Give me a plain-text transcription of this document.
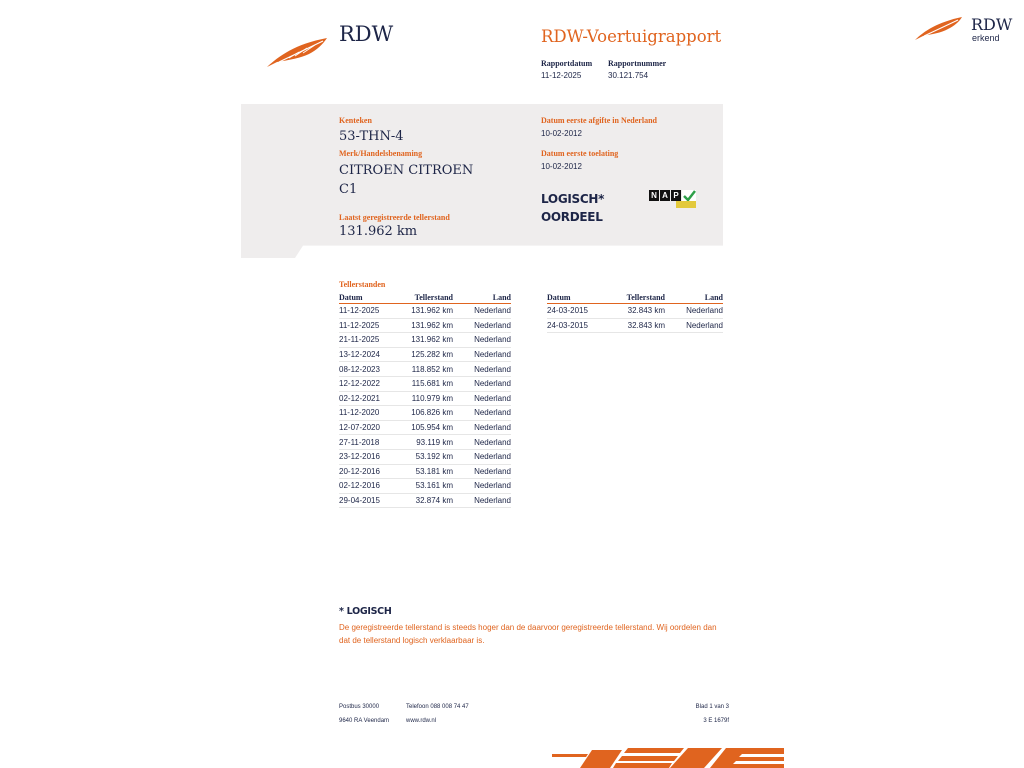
RDW	RDW-Voertuigrapport
Rapportdatum Rapportnummer
11-12-2025	30.121.754
RDW
erkend
Kenteken
53-THN-4
Merk/Handelsbenaming
CITROEN CITROEN
C1
Laatst geregistreerde tellerstand
131.962 km
Datum eerste afgifte in Nederland
10-02-2012
Datum eerste toelating
10-02-2012
LOGISCH*
OORDEEL
N A P
Tellerstanden
Datum	Tellerstand	Land
11-12-2025	131.962 km	Nederland
11-12-2025	131.962 km	Nederland
21-11-2025	131.962 km	Nederland
13-12-2024	125.282 km	Nederland
08-12-2023	118.852 km	Nederland
12-12-2022	115.681 km	Nederland
02-12-2021	110.979 km	Nederland
11-12-2020	106.826 km	Nederland
12-07-2020	105.954 km	Nederland
27-11-2018	93.119 km	Nederland
23-12-2016	53.192 km	Nederland
20-12-2016	53.181 km	Nederland
02-12-2016	53.161 km	Nederland
29-04-2015	32.874 km	Nederland
Datum	Tellerstand	Land
24-03-2015	32.843 km	Nederland
24-03-2015	32.843 km	Nederland
* LOGISCH
De geregistreerde tellerstand is steeds hoger dan de daarvoor geregistreerde tellerstand. Wij oordelen dan
dat de tellerstand logisch verklaarbaar is.
Postbus 30000
9640 RA Veendam
Telefoon 088 008 74 47
www.rdw.nl
Blad 1 van 3
3 E 1679f
